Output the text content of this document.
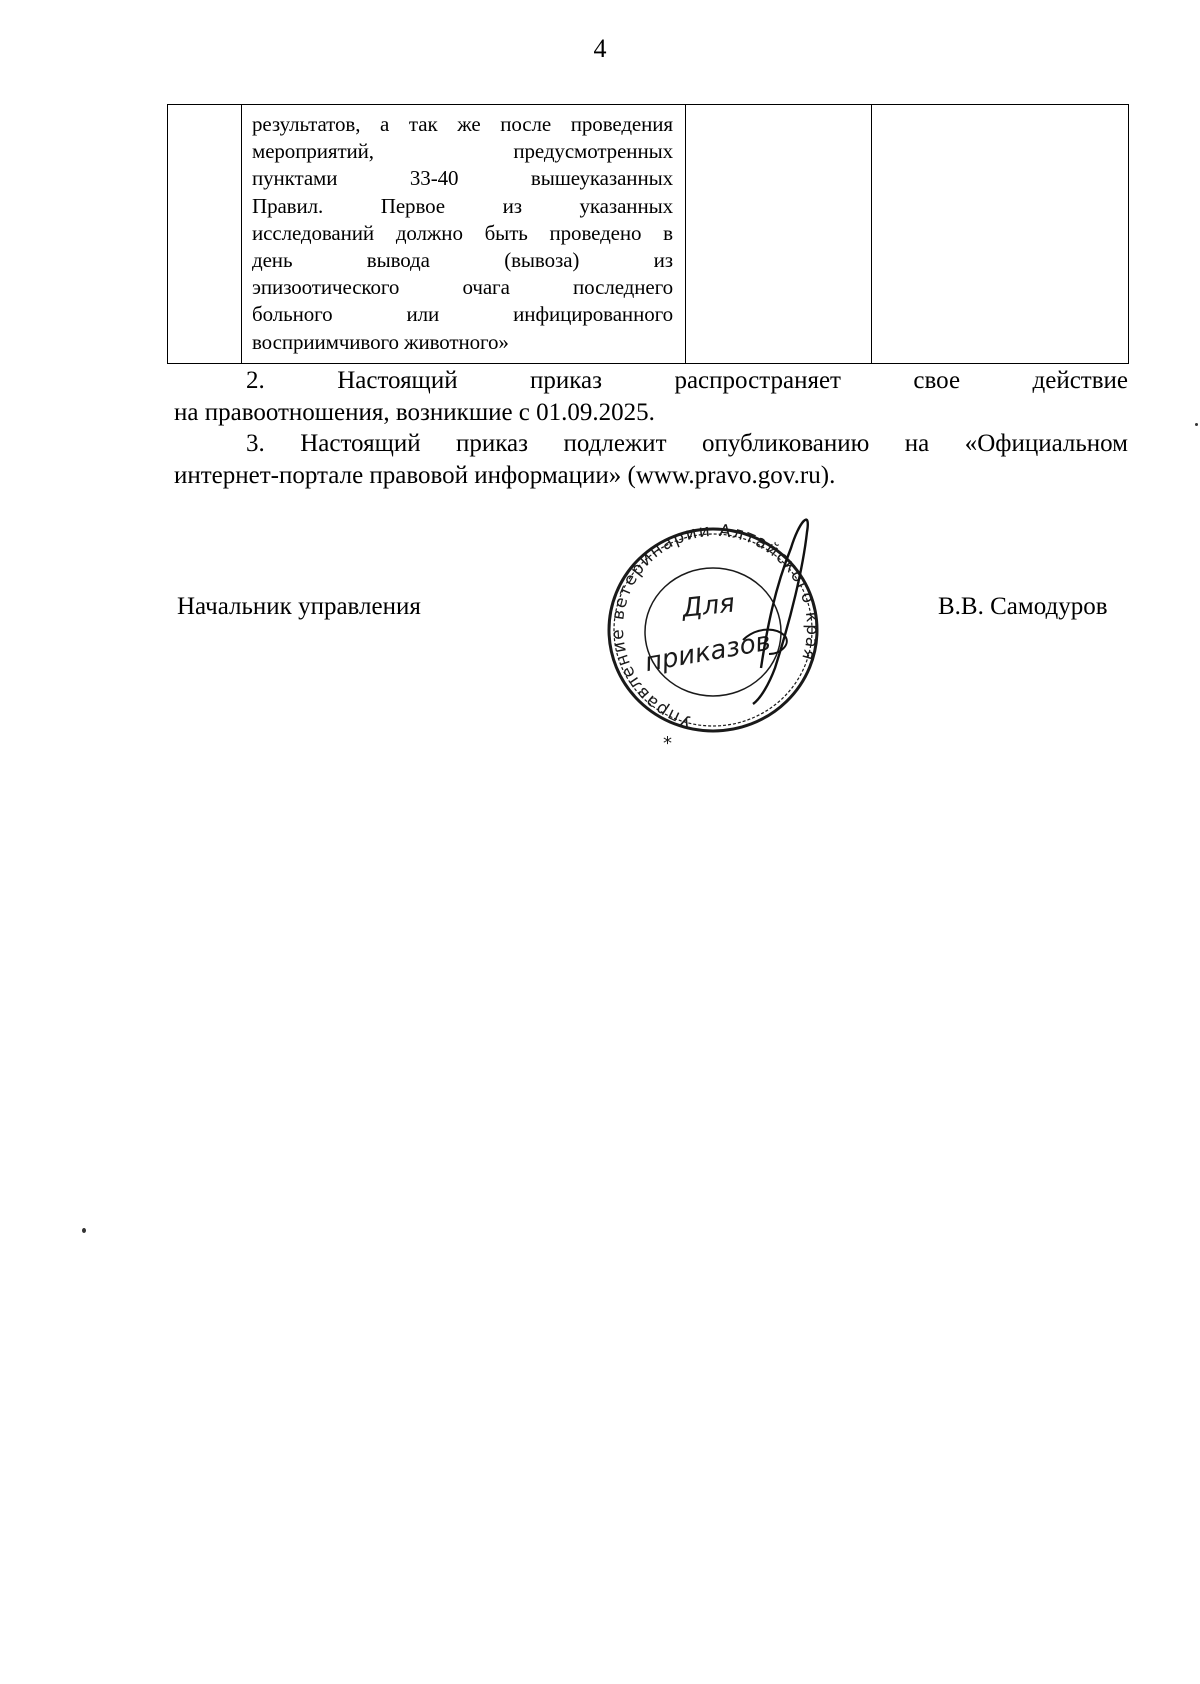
4

результатов, а так же после проведения
мероприятий, предусмотренных
пунктами 33-40 вышеуказанных
Правил. Первое из указанных
исследований должно быть проведено в
день вывода (вывоза) из
эпизоотического очага последнего
больного или инфицированного
восприимчивого животного»

2. Настоящий приказ распространяет свое действие
на правоотношения, возникшие с 01.09.2025.
3. Настоящий приказ подлежит опубликованию на «Официальном
интернет-портале правовой информации» (www.pravo.gov.ru).
Начальник управления	В.В. Самодуров
Управление ветеринарии Алтайского края
*
Для
приказов
